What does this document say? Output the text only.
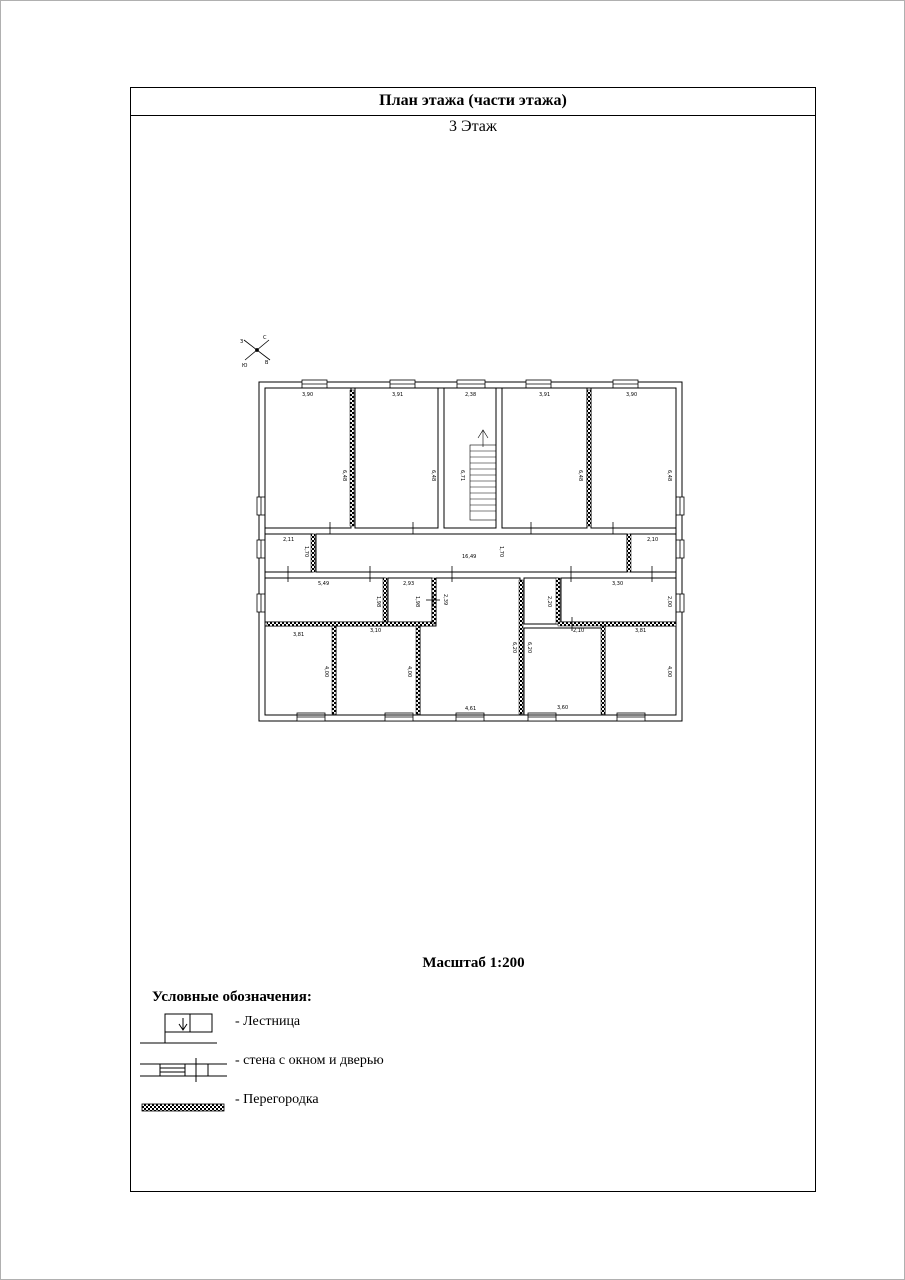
План этажа (части этажа)
3 Этаж
З
С
В
Ю
3,90
6,48
3,91
6,48
2,38
6,71
3,91
6,48
3,90
6,48
2,11
1,70	16,49	1,70
2,10
5,49
1,98
2,93
1,98	2,39	2,20
3,30
2,00
3,81
4,00
3,10
4,00
4,61
6,20
2,10
6,20
3,60
3,81
4,00
Масштаб 1:200
Условные обозначения:
- Лестница
- стена с окном и дверью
- Перегородка
